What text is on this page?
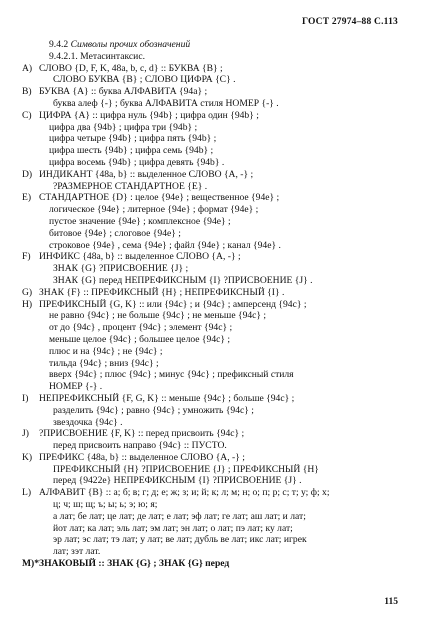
ГОСТ 27974–88 С.113
9.4.2 Символы прочих обозначений
9.4.2.1. Метасинтаксис.
A) СЛОВО {D, F, K, 48a, b, c, d} :: БУКВА {B} ;
СЛОВО БУКВА {B} ; СЛОВО ЦИФРА {C} .
B) БУКВА {A} :: буква АЛФАВИТА {94a} ;
буква алеф {-} ; буква АЛФАВИТА стиля НОМЕР {-} .
C) ЦИФРА {A} :: цифра нуль {94b} ; цифра один {94b} ;
цифра два {94b} ; цифра три {94b} ;
цифра четыре {94b} ; цифра пять {94b} ;
цифра шесть {94b} ; цифра семь {94b} ;
цифра восемь {94b} ; цифра девять {94b} .
D) ИНДИКАНТ {48a, b} :: выделенное СЛОВО {A, -} ;
?РАЗМЕРНОЕ СТАНДАРТНОЕ {E} .
E) СТАНДАРТНОЕ {D} : целое {94e} ; вещественное {94e} ;
логическое {94e} ; литерное {94e} ; формат {94e} ;
пустое значение {94e} ; комплексное {94e} ;
битовое {94e} ; слоговое {94e} ;
строковое {94e} , сема {94e} ; файл {94e} ; канал {94e} .
F) ИНФИКС {48a, b} :: выделенное СЛОВО {A, -} ;
ЗНАК {G} ?ПРИСВОЕНИЕ {J} ;
ЗНАК {G} перед НЕПРЕФИКСНЫМ {I} ?ПРИСВОЕНИЕ {J} .
G) ЗНАК {F} :: ПРЕФИКСНЫЙ {H} ; НЕПРЕФИКСНЫЙ {I} .
H) ПРЕФИКСНЫЙ {G, K} :: или {94c} ; и {94c} ; амперсенд {94c} ;
не равно {94c} ; не больше {94c} ; не меньше {94c} ;
от до {94c} , процент {94c} ; элемент {94c} ;
меньше целое {94c} ; большее целое {94c} ;
плюс и на {94c} ; не {94c} ;
тильда {94c} ; вниз {94c} ;
вверх {94c} ; плюс {94c} ; минус {94c} ; префиксный стиля
НОМЕР {-} .
I)	НЕПРЕФИКСНЫЙ {F, G, K} :: меньше {94c} ; больше {94c} ;
разделить {94c} ; равно {94c} ; умножить {94c} ;
звездочка {94c} .
J)	?ПРИСВОЕНИЕ {F, K} :: перед присвоить {94c} ;
перед присвоить направо {94c} :: ПУСТО.
K) ПРЕФИКС {48a, b} :: выделенное СЛОВО {A, -} ;
ПРЕФИКСНЫЙ {H} ?ПРИСВОЕНИЕ {J} ; ПРЕФИКСНЫЙ {H}
перед {9422e} НЕПРЕФИКСНЫМ {I} ?ПРИСВОЕНИЕ {J} .
L) АЛФАВИТ {B} :: a; б; в; г; д; е; ж; з; и; й; к; л; м; н; о; п; р; с; т; у; ф; х;
ц; ч; ш; щ; ъ; ы; ь; э; ю; я;
а лат; бе лат; це лат; де лат; е лат; эф лат; ге лат; аш лат; и лат;
йот лат; ка лат; эль лат; эм лат; эн лат; о лат; пэ лат; ку лат;
эр лат; эс лат; тэ лат; у лат; ве лат; дубль ве лат; икс лат; игрек
лат; зэт лат.
M)* ЗНАКОВЫЙ :: ЗНАК {G} ; ЗНАК {G} перед
115
